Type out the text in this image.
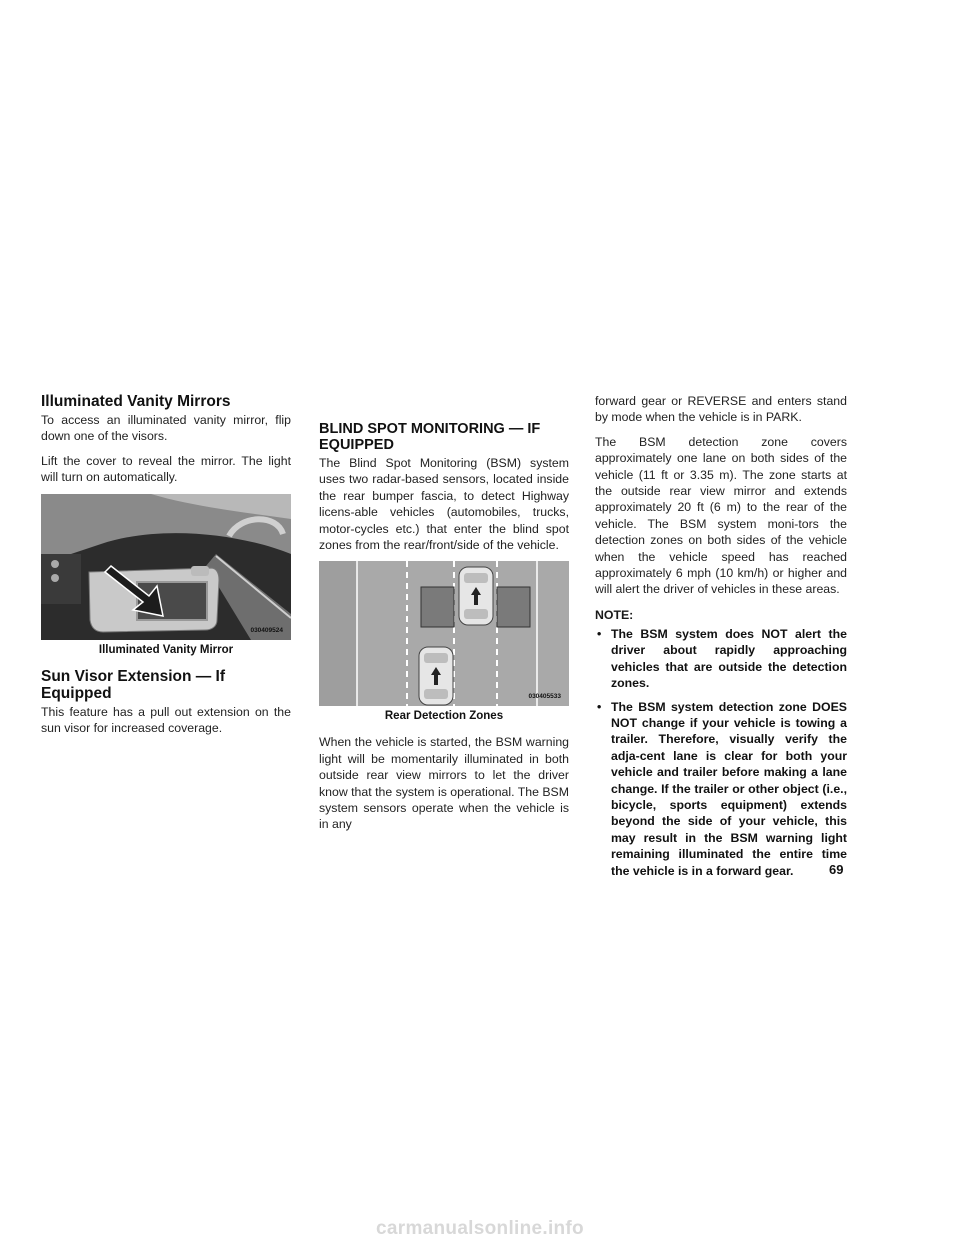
Illuminated Vanity Mirrors

To access an illuminated vanity mirror, flip down one of the visors.

Lift the cover to reveal the mirror. The light will turn on automatically.

030409524
Illuminated Vanity Mirror
Sun Visor Extension — If Equipped

This feature has a pull out extension on the sun visor for increased coverage.

BLIND SPOT MONITORING — IF EQUIPPED

The Blind Spot Monitoring (BSM) system uses two radar-based sensors, located inside the rear bumper fascia, to detect Highway licens-able vehicles (automobiles, trucks, motor-cycles etc.) that enter the blind spot zones from the rear/front/side of the vehicle.

030405533
Rear Detection Zones

When the vehicle is started, the BSM warning light will be momentarily illuminated in both outside rear view mirrors to let the driver know that the system is operational. The BSM system sensors operate when the vehicle is in any

forward gear or REVERSE and enters stand by mode when the vehicle is in PARK.

The BSM detection zone covers approximately one lane on both sides of the vehicle (11 ft or 3.35 m). The zone starts at the outside rear view mirror and extends approximately 20 ft (6 m) to the rear of the vehicle. The BSM system moni-tors the detection zones on both sides of the vehicle when the vehicle speed has reached approximately 6 mph (10 km/h) or higher and will alert the driver of vehicles in these areas.

NOTE:
• The BSM system does NOT alert the driver about rapidly approaching vehicles that are outside the detection zones.
• The BSM system detection zone DOES NOT change if your vehicle is towing a trailer. Therefore, visually verify the adja-cent lane is clear for both your vehicle and trailer before making a lane change. If the trailer or other object (i.e., bicycle, sports equipment) extends beyond the side of your vehicle, this may result in the BSM warning light remaining illuminated the entire time the vehicle is in a forward gear.	69
carmanualsonline.info
